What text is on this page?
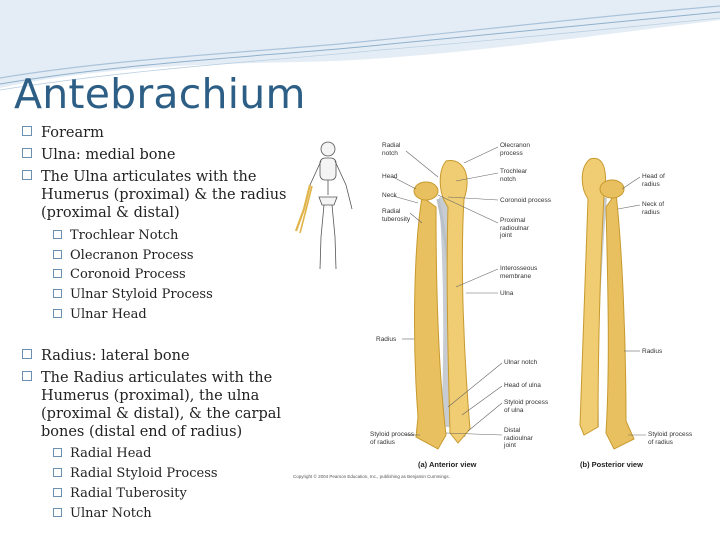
Antebrachium
Forearm
Ulna: medial bone
The Ulna articulates with the
Humerus (proximal) & the radius
(proximal & distal)
Trochlear Notch
Olecranon Process
Coronoid Process
Ulnar Styloid Process
Ulnar Head
Radius: lateral bone
The Radius articulates with the
Humerus (proximal), the ulna
(proximal & distal), & the carpal
bones (distal end of radius)
Radial Head
Radial Styloid Process
Radial Tuberosity
Ulnar Notch
Radial
notch
Head
Neck
Radial
tuberosity
Radius
Styloid process
of radius
Olecranon
process
Trochlear
notch
Coronoid process
Proximal
radioulnar
joint
Interosseous
membrane
Ulna
Ulnar notch
Head of ulna
Styloid process
of ulna
Distal
radioulnar
joint
Head of
radius
Neck of
radius
Radius
Styloid process
of radius
(a) Anterior view	(b) Posterior view
Copyright © 2004 Pearson Education, Inc., publishing as Benjamin Cummings.
